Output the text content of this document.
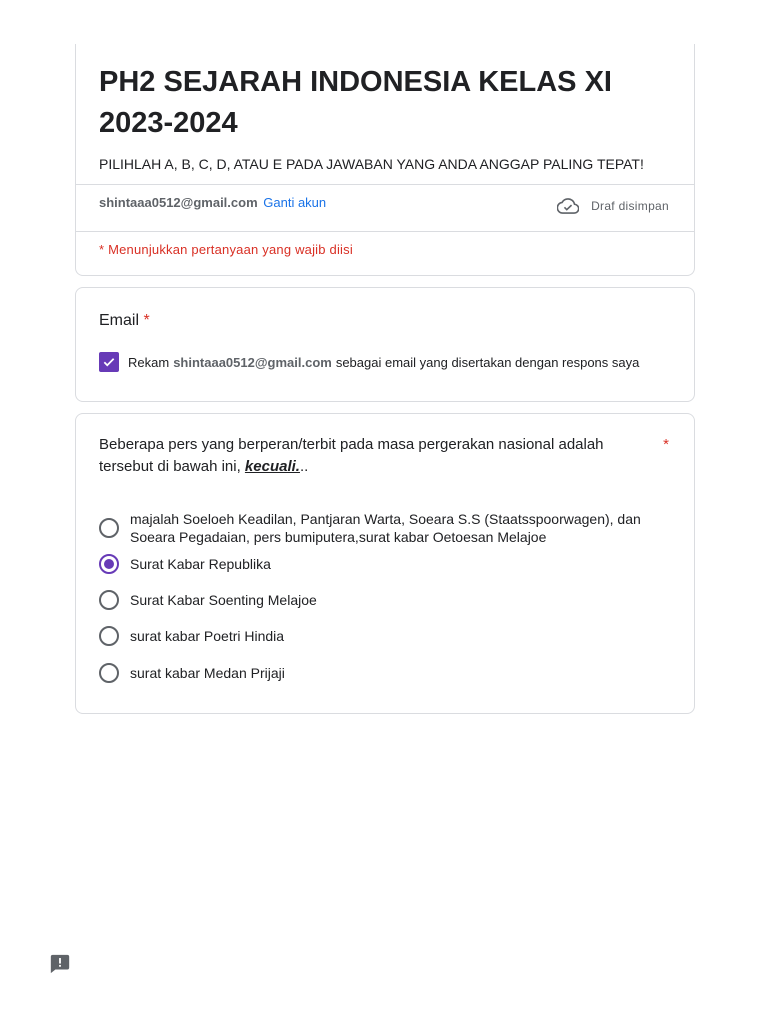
PH2 SEJARAH INDONESIA KELAS XI 2023-2024
PILIHLAH A, B, C, D, ATAU E PADA JAWABAN YANG ANDA ANGGAP PALING TEPAT!
shintaaa0512@gmail.com Ganti akun	Draf disimpan
* Menunjukkan pertanyaan yang wajib diisi
Email *
Rekam shintaaa0512@gmail.com sebagai email yang disertakan dengan respons saya
Beberapa pers yang berperan/terbit pada masa pergerakan nasional adalah tersebut di bawah ini, kecuali...
*
majalah Soeloeh Keadilan, Pantjaran Warta, Soeara S.S (Staatsspoorwagen), dan Soeara Pegadaian, pers bumiputera,surat kabar Oetoesan Melajoe
Surat Kabar Republika
Surat Kabar Soenting Melajoe
surat kabar Poetri Hindia
surat kabar Medan Prijaji
